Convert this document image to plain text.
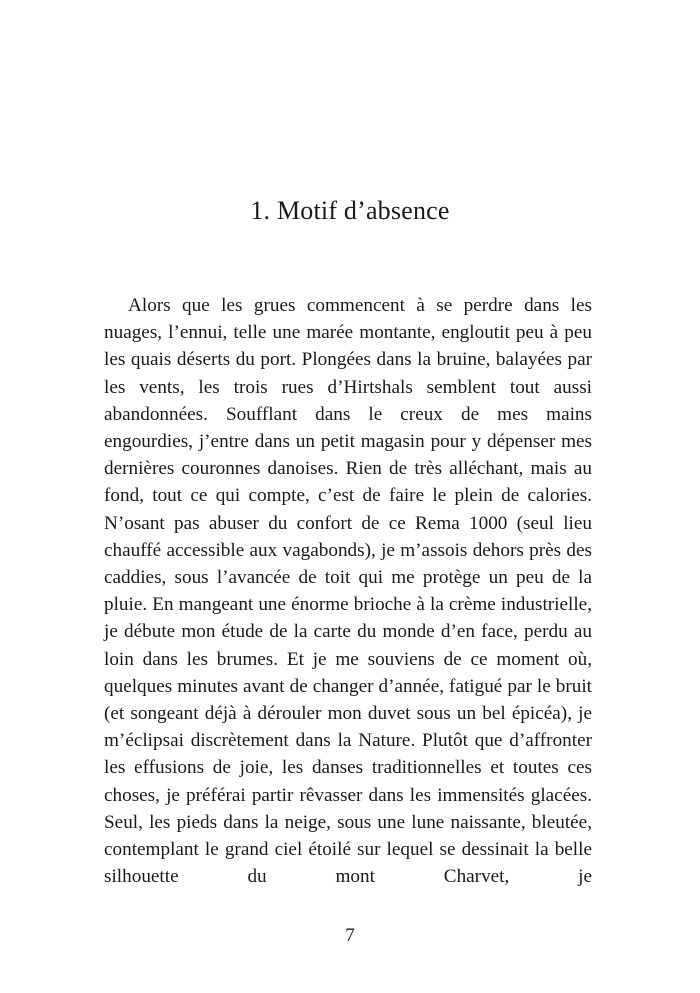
1. Motif d’absence

Alors que les grues commencent à se perdre dans les nuages, l’ennui, telle une marée montante, engloutit peu à peu les quais déserts du port. Plongées dans la bruine, balayées par les vents, les trois rues d’Hirtshals semblent tout aussi abandonnées. Soufflant dans le creux de mes mains engourdies, j’entre dans un petit magasin pour y dépenser mes dernières couronnes danoises. Rien de très alléchant, mais au fond, tout ce qui compte, c’est de faire le plein de calories. N’osant pas abuser du confort de ce Rema 1000 (seul lieu chauffé accessible aux vagabonds), je m’assois dehors près des caddies, sous l’avancée de toit qui me protège un peu de la pluie. En mangeant une énorme brioche à la crème industrielle, je débute mon étude de la carte du monde d’en face, perdu au loin dans les brumes. Et je me souviens de ce moment où, quelques minutes avant de changer d’année, fatigué par le bruit (et songeant déjà à dérouler mon duvet sous un bel épicéa), je m’éclipsai discrètement dans la Nature. Plutôt que d’affronter les effusions de joie, les danses traditionnelles et toutes ces choses, je préférai partir rêvasser dans les immensités glacées. Seul, les pieds dans la neige, sous une lune naissante, bleutée, contemplant le grand ciel étoilé sur lequel se dessinait la belle silhouette du mont Charvet, je

7
